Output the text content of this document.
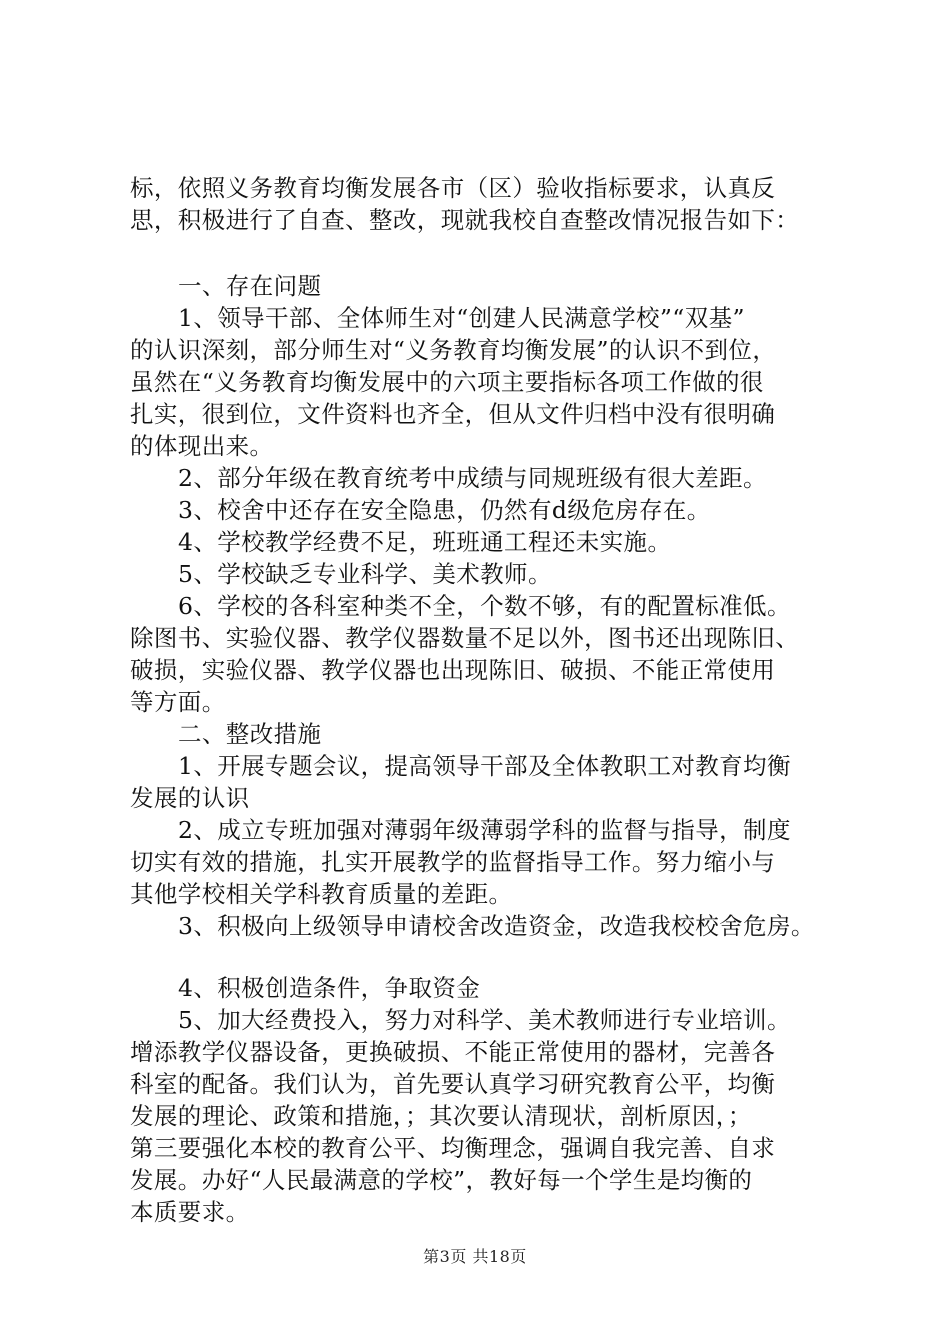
标，依照义务教育均衡发展各市（区）验收指标要求，认真反
思，积极进行了自查、整改，现就我校自查整改情况报告如下：
一、存在问题
1、领导干部、全体师生对“创建人民满意学校”“双基”
的认识深刻，部分师生对“义务教育均衡发展”的认识不到位，
虽然在“义务教育均衡发展中的六项主要指标各项工作做的很
扎实，很到位，文件资料也齐全，但从文件归档中没有很明确
的体现出来。
2、部分年级在教育统考中成绩与同规班级有很大差距。
3、校舍中还存在安全隐患，仍然有d级危房存在。
4、学校教学经费不足，班班通工程还未实施。
5、学校缺乏专业科学、美术教师。
6、学校的各科室种类不全，个数不够，有的配置标准低。
除图书、实验仪器、教学仪器数量不足以外，图书还出现陈旧、
破损，实验仪器、教学仪器也出现陈旧、破损、不能正常使用
等方面。
二、整改措施
1、开展专题会议，提高领导干部及全体教职工对教育均衡
发展的认识
2、成立专班加强对薄弱年级薄弱学科的监督与指导，制度
切实有效的措施，扎实开展教学的监督指导工作。努力缩小与
其他学校相关学科教育质量的差距。
3、积极向上级领导申请校舍改造资金，改造我校校舍危房。
4、积极创造条件，争取资金
5、加大经费投入，努力对科学、美术教师进行专业培训。
增添教学仪器设备，更换破损、不能正常使用的器材，完善各
科室的配备。我们认为，首先要认真学习研究教育公平，均衡
发展的理论、政策和措施，；其次要认清现状，剖析原因，；
第三要强化本校的教育公平、均衡理念，强调自我完善、自求
发展。办好“人民最满意的学校”，教好每一个学生是均衡的
本质要求。
第3页 共18页
